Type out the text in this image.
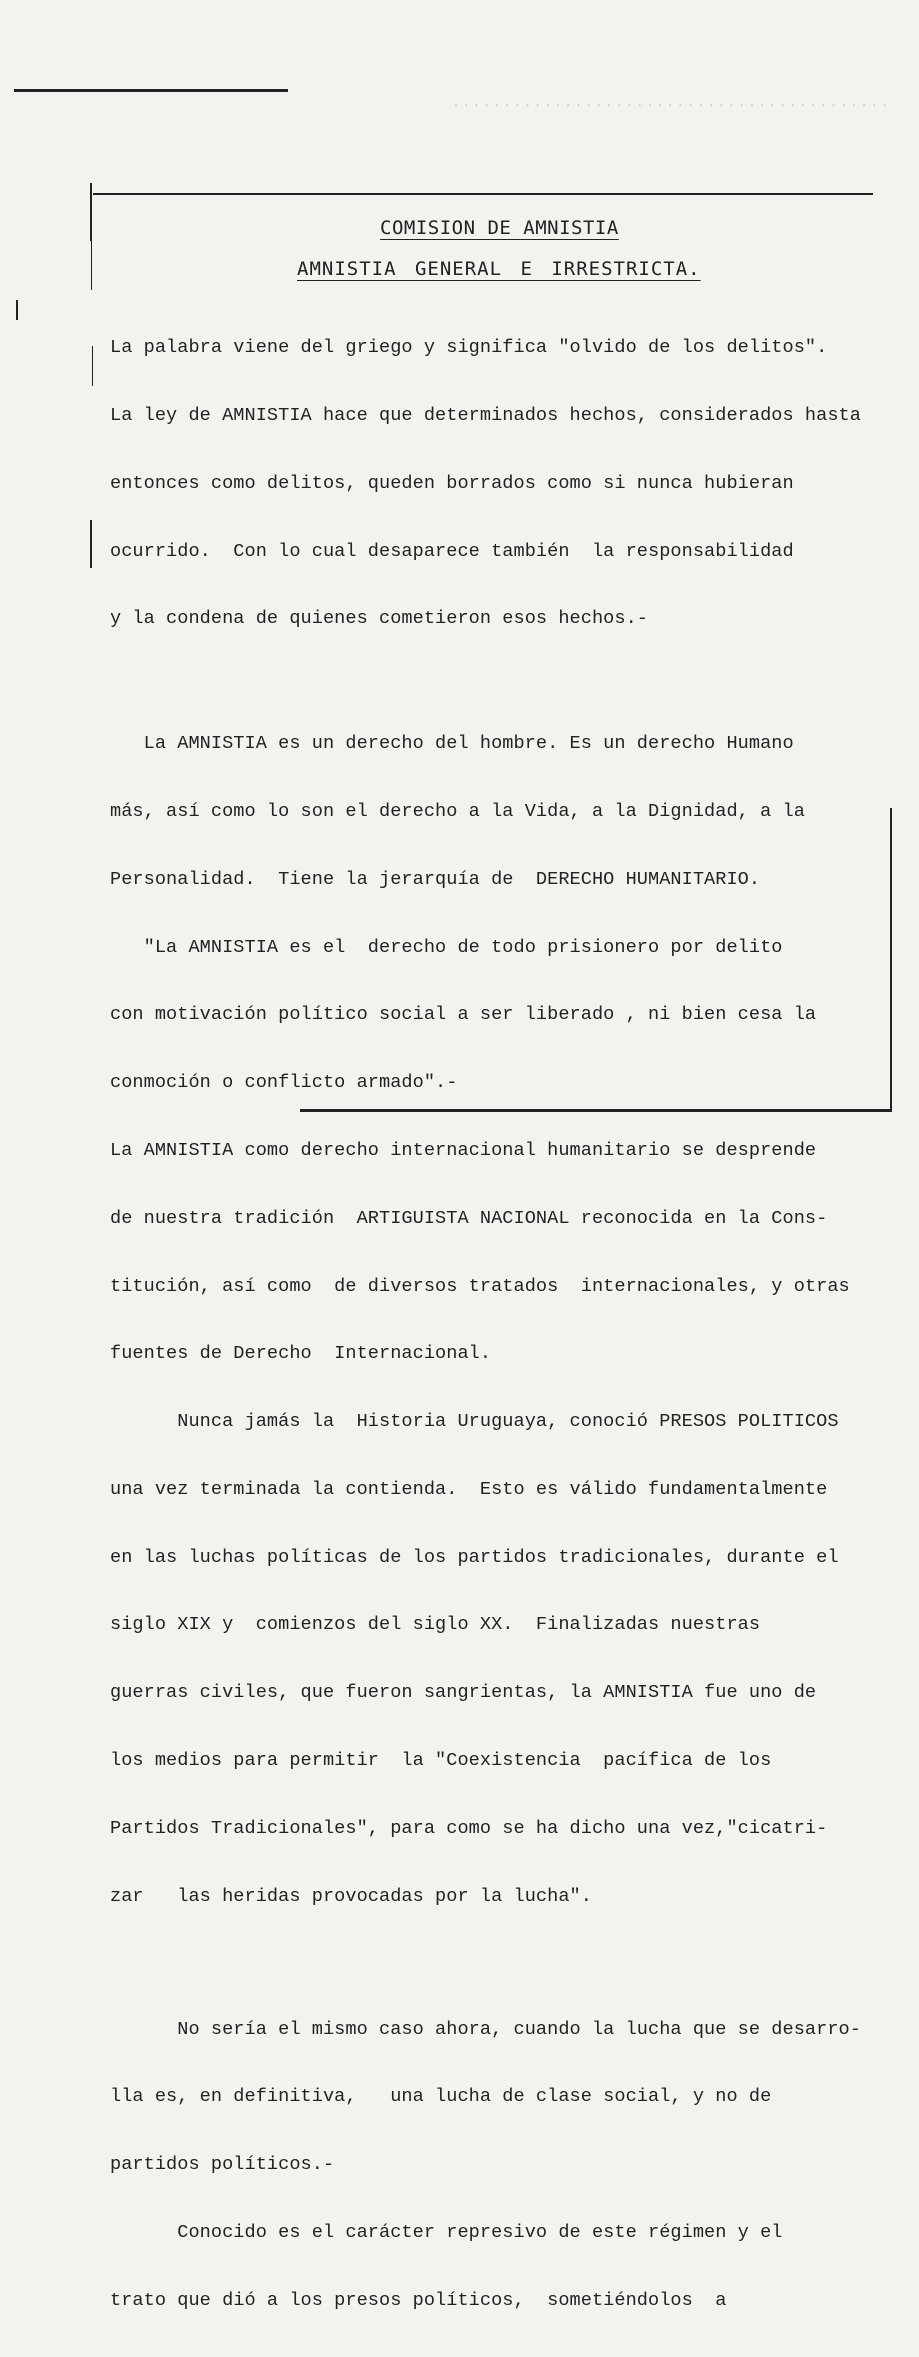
···········································
COMISION DE AMNISTIA
AMNISTIA GENERAL E IRRESTRICTA.

La palabra viene del griego y significa "olvido de los delitos".

La ley de AMNISTIA hace que determinados hechos, considerados hasta

entonces como delitos, queden borrados como si nunca hubieran

ocurrido.  Con lo cual desaparece también  la responsabilidad

y la condena de quienes cometieron esos hechos.-

La AMNISTIA es un derecho del hombre. Es un derecho Humano

más, así como lo son el derecho a la Vida, a la Dignidad, a la

Personalidad.  Tiene la jerarquía de  DERECHO HUMANITARIO.

"La AMNISTIA es el  derecho de todo prisionero por delito

con motivación político social a ser liberado , ni bien cesa la

conmoción o conflicto armado".-

La AMNISTIA como derecho internacional humanitario se desprende

de nuestra tradición  ARTIGUISTA NACIONAL reconocida en la Cons-

titución, así como  de diversos tratados  internacionales, y otras

fuentes de Derecho  Internacional.

Nunca jamás la  Historia Uruguaya, conoció PRESOS POLITICOS

una vez terminada la contienda.  Esto es válido fundamentalmente

en las luchas políticas de los partidos tradicionales, durante el

siglo XIX y  comienzos del siglo XX.  Finalizadas nuestras

guerras civiles, que fueron sangrientas, la AMNISTIA fue uno de

los medios para permitir  la "Coexistencia  pacífica de los

Partidos Tradicionales", para como se ha dicho una vez,"cicatri-

zar   las heridas provocadas por la lucha".

No sería el mismo caso ahora, cuando la lucha que se desarro-

lla es, en definitiva,   una lucha de clase social, y no de

partidos políticos.-

Conocido es el carácter represivo de este régimen y el

trato que dió a los presos políticos,  sometiéndolos  a
